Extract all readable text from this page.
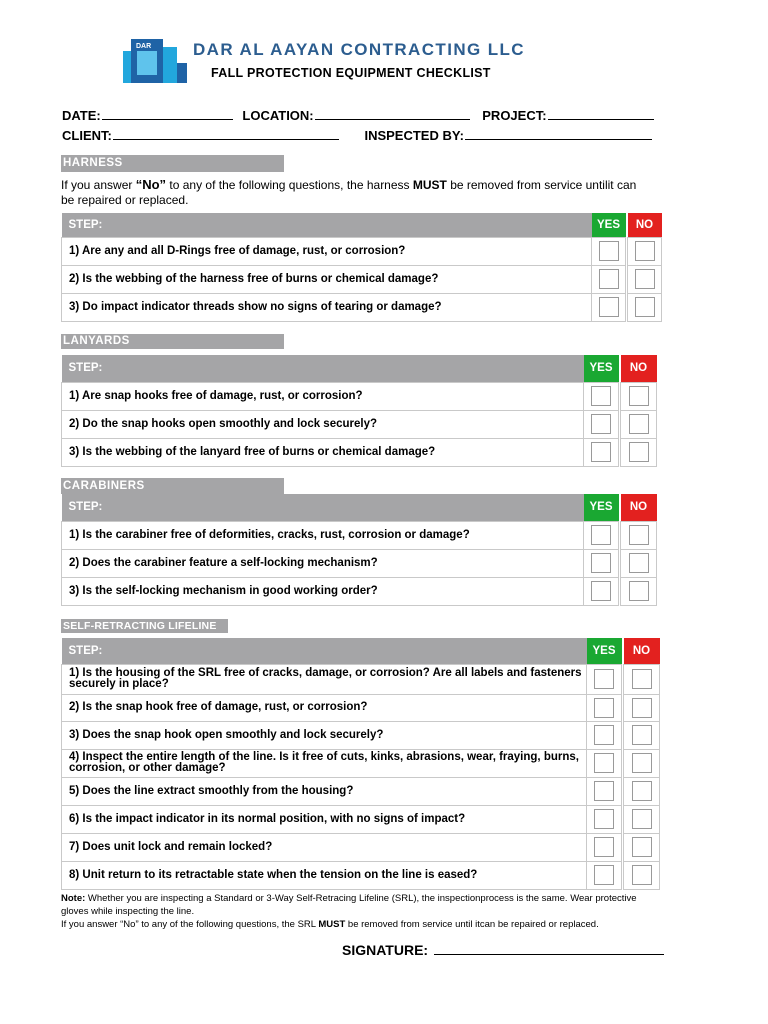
DAR DAR AL AAYAN CONTRACTING LLC
FALL PROTECTION EQUIPMENT CHECKLIST
DATE:	LOCATION:	PROJECT:
CLIENT:	INSPECTED BY:
HARNESS
If you answer “No” to any of the following questions, the harness MUST be removed from service untilit can be repaired or replaced.
STEP:	YES		NO
1) Are any and all D-Rings free of damage, rust, or corrosion?			
2) Is the webbing of the harness free of burns or chemical damage?			
3) Do impact indicator threads show no signs of tearing or damage?			
LANYARDS
STEP:	YES		NO
1) Are snap hooks free of damage, rust, or corrosion?			
2) Do the snap hooks open smoothly and lock securely?			
3) Is the webbing of the lanyard free of burns or chemical damage?			
CARABINERS
STEP:	YES		NO
1) Is the carabiner free of deformities, cracks, rust, corrosion or damage?			
2) Does the carabiner feature a self-locking mechanism?			
3) Is the self-locking mechanism in good working order?			
SELF-RETRACTING LIFELINE
STEP:	YES		NO
1) Is the housing of the SRL free of cracks, damage, or corrosion? Are all labels and fasteners securely in place?			
2) Is the snap hook free of damage, rust, or corrosion?			
3) Does the snap hook open smoothly and lock securely?			
4) Inspect the entire length of the line. Is it free of cuts, kinks, abrasions, wear, fraying, burns, corrosion, or other damage?			
5) Does the line extract smoothly from the housing?			
6) Is the impact indicator in its normal position, with no signs of impact?			
7) Does unit lock and remain locked?			
8) Unit return to its retractable state when the tension on the line is eased?			
Note: Whether you are inspecting a Standard or 3-Way Self-Retracing Lifeline (SRL), the inspectionprocess is the same. Wear protective gloves while inspecting the line.
If you answer “No” to any of the following questions, the SRL MUST be removed from service until itcan be repaired or replaced.
SIGNATURE:
